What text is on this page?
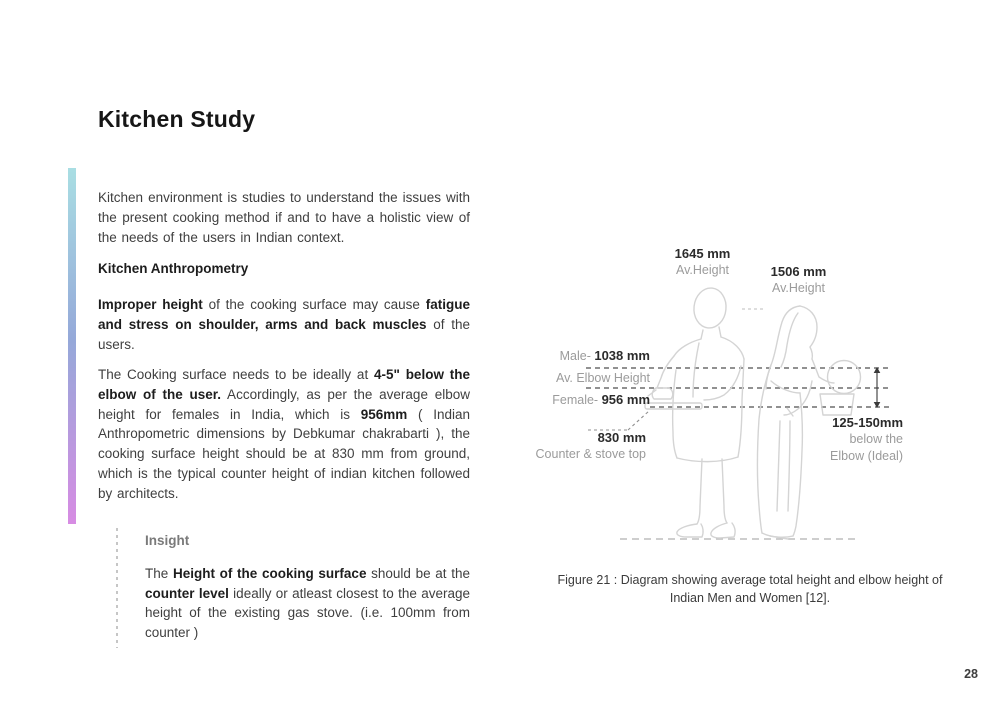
Kitchen Study

Kitchen environment is studies to understand the issues with the present cooking method if and to have a holistic view of the needs of the users in Indian context.

Kitchen Anthropometry

Improper height of the cooking surface may cause fatigue and stress on shoulder, arms and back muscles of the users.

The Cooking surface needs to be ideally at 4-5" below the elbow of the user. Accordingly, as per the average elbow height for females in India, which is 956mm ( Indian Anthropometric dimensions by Debkumar chakrabarti ), the cooking surface height should be at 830 mm from ground, which is the typical counter height of indian kitchen followed by architects.

Insight

The Height of the cooking surface should be at the counter level ideally or atleast closest to the average height of the existing gas stove. (i.e. 100mm from counter )

1645 mm
Av.Height	1506 mm
Av.Height
Male- 1038 mm
Av. Elbow Height
Female- 956 mm
830 mm
Counter & stove top
125-150mm
below the
Elbow (Ideal)

Figure 21 : Diagram showing average total height and elbow height of Indian Men and Women [12].

28
